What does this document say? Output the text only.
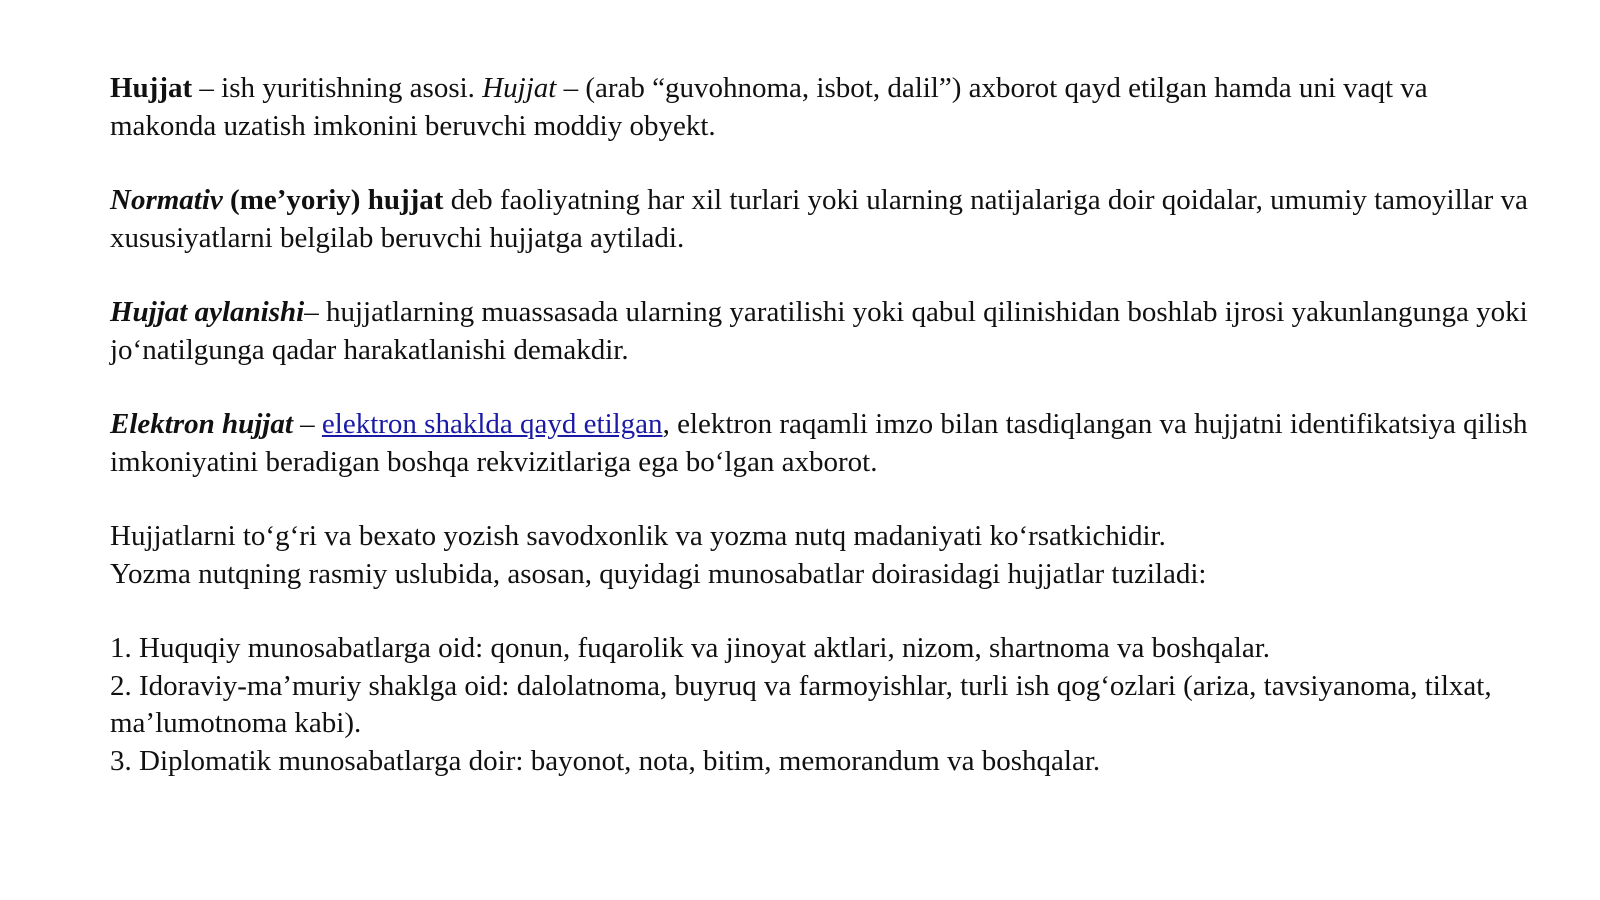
Hujjat – ish yuritishning asosi. Hujjat – (arab “guvohnoma, isbot, dalil”) axborot qayd etilgan hamda uni vaqt va makonda uzatish imkonini beruvchi moddiy obyekt.

Normativ (me’yoriy) hujjat deb faoliyatning har xil turlari yoki ularning natijalariga doir qoidalar, umumiy tamoyillar va xususiyatlarni belgilab beruvchi hujjatga aytiladi.

Hujjat aylanishi– hujjatlarning muassasada ularning yaratilishi yoki qabul qilinishidan boshlab ijrosi yakunlangunga yoki jo‘natilgunga qadar harakatlanishi demakdir.

Elektron hujjat – elektron shaklda qayd etilgan, elektron raqamli imzo bilan tasdiqlangan va hujjatni identifikatsiya qilish imkoniyatini beradigan boshqa rekvizitlariga ega bo‘lgan axborot.

Hujjatlarni to‘g‘ri va bexato yozish savodxonlik va yozma nutq madaniyati ko‘rsatkichidir.
Yozma nutqning rasmiy uslubida, asosan, quyidagi munosabatlar doirasidagi hujjatlar tuziladi:

1. Huquqiy munosabatlarga oid: qonun, fuqarolik va jinoyat aktlari, nizom, shartnoma va boshqalar.
2. Idoraviy-ma’muriy shaklga oid: dalolatnoma, buyruq va farmoyishlar, turli ish qog‘ozlari (ariza, tavsiyanoma, tilxat, ma’lumotnoma kabi).
3. Diplomatik munosabatlarga doir: bayonot, nota, bitim, memorandum va boshqalar.
